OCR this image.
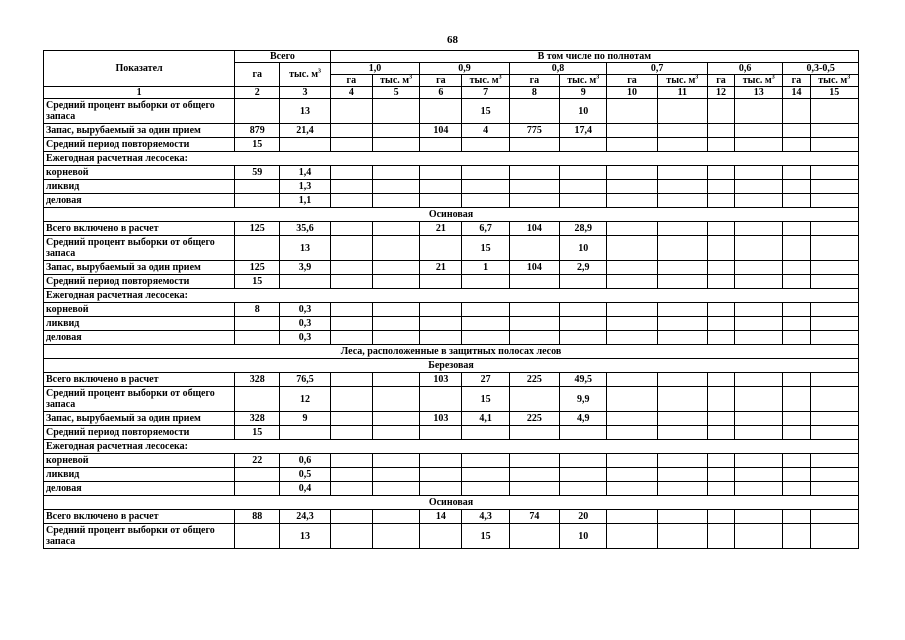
68
Показател	Всего		В том числе по полнотам											
	га	тыс. $м^3$	1,0		0,9		0,8		0,7		0,6		0,3-0,5	
			га	тыс. $м^3$	га	тыс. $м^3$	га	тыс. $м^3$	га	тыс. $м^3$	га	тыс. $м^3$	га	тыс. $м^3$
1	2	3	4	5	6	7	8	9	10	11	12	13	14	15
Средний процент выборки от общего запаса		13				15		10						
Запас, вырубаемый за один прием	879	21,4			104	4	775	17,4						
Средний период повторяемости	15													
Ежегодная расчетная лесосека:														
корневой	59	1,4												
ликвид		1,3												
деловая		1,1												
Осиновая														
Всего включено в расчет	125	35,6			21	6,7	104	28,9						
Средний процент выборки от общего запаса		13				15		10						
Запас, вырубаемый за один прием	125	3,9			21	1	104	2,9						
Средний период повторяемости	15													
Ежегодная расчетная лесосека:														
корневой	8	0,3												
ликвид		0,3												
деловая		0,3												
Леса, расположенные в защитных полосах лесов														
Березовая														
Всего включено в расчет	328	76,5			103	27	225	49,5						
Средний процент выборки от общего запаса		12				15		9,9						
Запас, вырубаемый за один прием	328	9			103	4,1	225	4,9						
Средний период повторяемости	15													
Ежегодная расчетная лесосека:														
корневой	22	0,6												
ликвид		0,5												
деловая		0,4												
Осиновая														
Всего включено в расчет	88	24,3			14	4,3	74	20						
Средний процент выборки от общего запаса		13				15		10						
